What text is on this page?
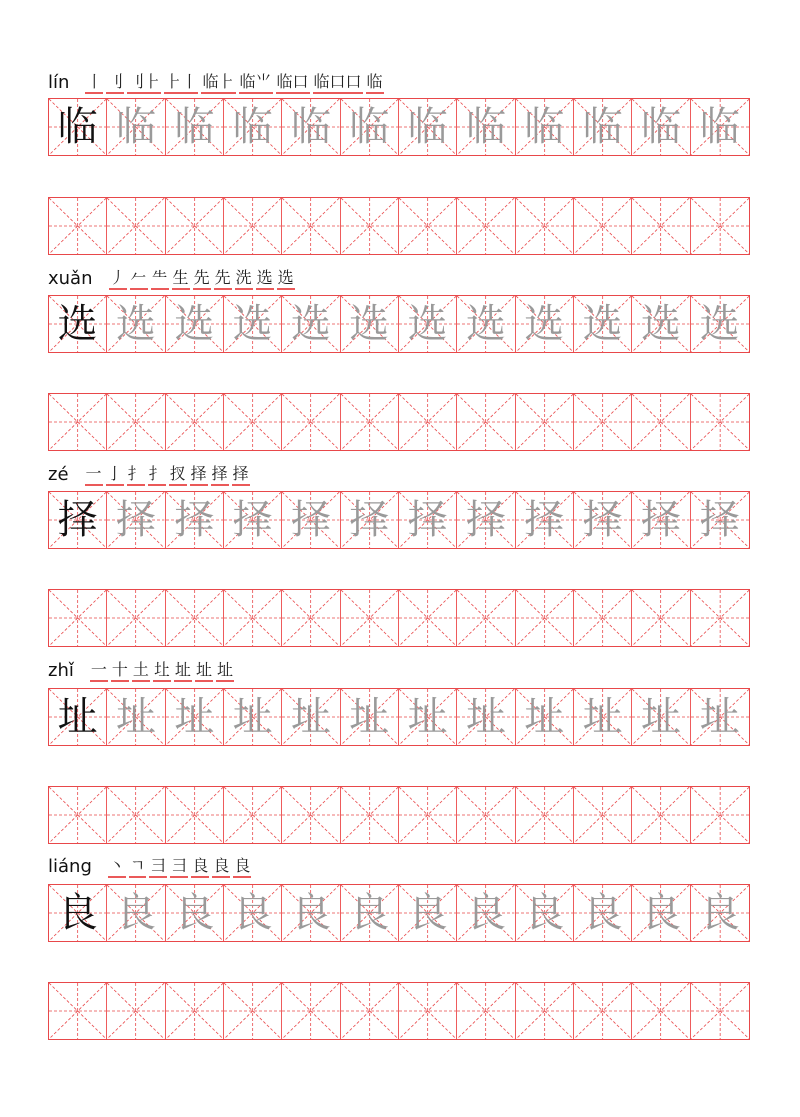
lín 丨 刂 刂⺊ ⺊丨 临⺊ 临⺌ 临口 临口口 临
临 临 临 临 临 临 临 临 临 临 临 临
xuǎn 丿 𠂉 ⺧ 生 先 先 洗 选 选
选 选 选 选 选 选 选 选 选 选 选 选
zé 一 亅 扌 扌 扠 择 择 择
择 择 择 择 择 择 择 择 择 择 择 择
zhǐ 一 十 土 圵 址 址 址
址 址 址 址 址 址 址 址 址 址 址 址
liáng 丶 ㄱ 彐 彐 良 良 良
良 良 良 良 良 良 良 良 良 良 良 良
